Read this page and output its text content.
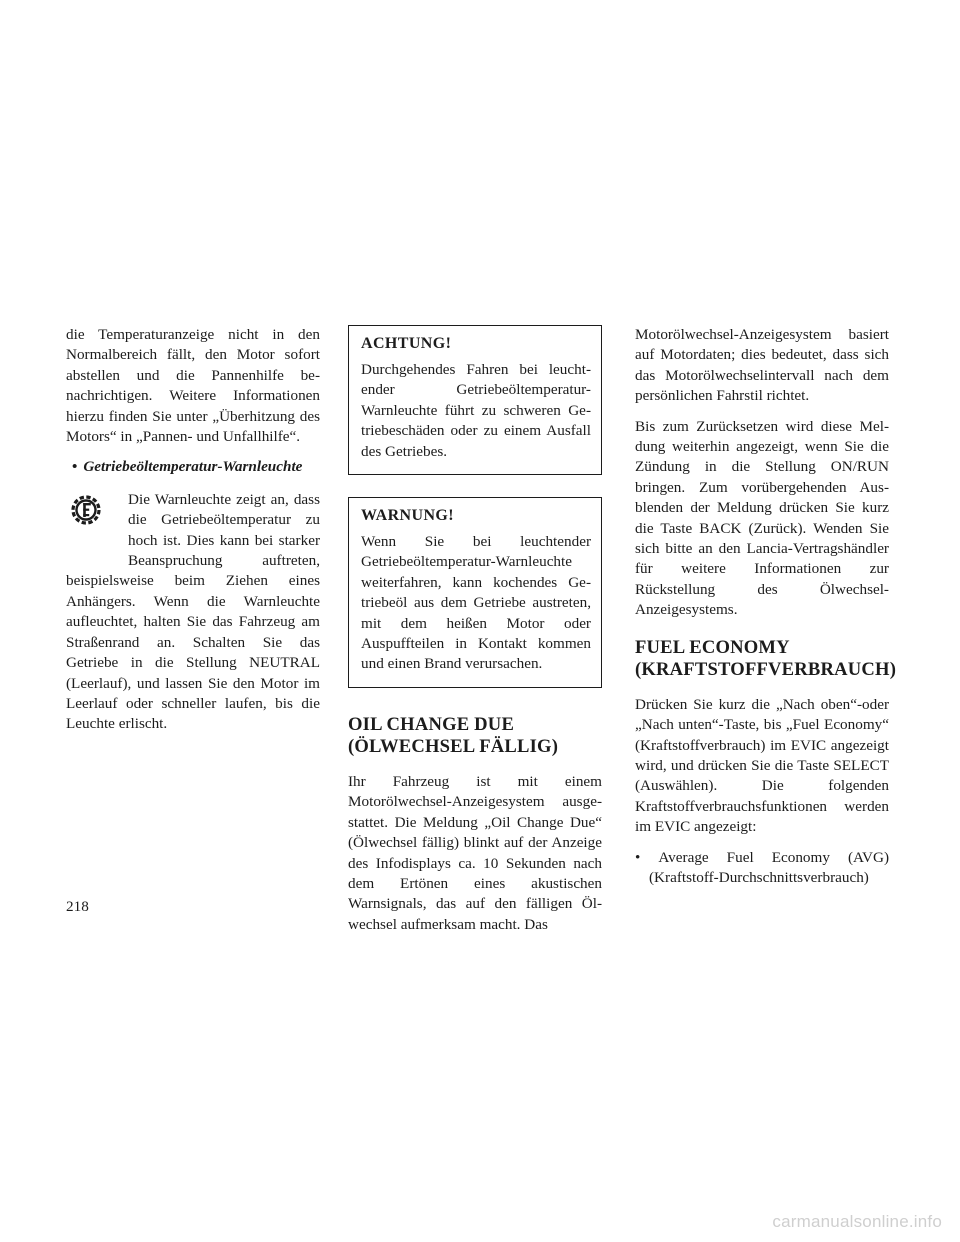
die Temperaturanzeige nicht in den Normalbereich fällt, den Motor sofort abstellen und die Pannenhilfe benachrichtigen. Weitere Informationen hierzu finden Sie unter „Überhitzung des Motors“ in „Pannen- und Unfallhilfe“.

• Getriebeöltemperatur-Warnleuchte

Die Warnleuchte zeigt an, dass die Getriebeöltemperatur zu hoch ist. Dies kann bei starker Beanspruchung auftreten, beispielsweise beim Ziehen eines Anhängers. Wenn die Warnleuchte aufleuchtet, halten Sie das Fahrzeug am Straßenrand an. Schalten Sie das Getriebe in die Stellung NEUTRAL (Leerlauf), und lassen Sie den Motor im Leerlauf oder schneller laufen, bis die Leuchte erlischt.

ACHTUNG!

Durchgehendes Fahren bei leuchtender Getriebeöltemperatur-Warnleuchte führt zu schweren Getriebeschäden oder zu einem Ausfall des Getriebes.

WARNUNG!

Wenn Sie bei leuchtender Getriebeöltemperatur-Warnleuchte weiterfahren, kann kochendes Getriebeöl aus dem Getriebe austreten, mit dem heißen Motor oder Auspuffteilen in Kontakt kommen und einen Brand verursachen.

OIL CHANGE DUE
(ÖLWECHSEL FÄLLIG)

Ihr Fahrzeug ist mit einem Motorölwechsel-Anzeigesystem ausgestattet. Die Meldung „Oil Change Due“ (Ölwechsel fällig) blinkt auf der Anzeige des Infodisplays ca. 10 Sekunden nach dem Ertönen eines akustischen Warnsignals, das auf den fälligen Ölwechsel aufmerksam macht. Das

Motorölwechsel-Anzeigesystem basiert auf Motordaten; dies bedeutet, dass sich das Motorölwechselintervall nach dem persönlichen Fahrstil richtet.

Bis zum Zurücksetzen wird diese Meldung weiterhin angezeigt, wenn Sie die Zündung in die Stellung ON/RUN bringen. Zum vorübergehenden Ausblenden der Meldung drücken Sie kurz die Taste BACK (Zurück). Wenden Sie sich bitte an den Lancia-Vertragshändler für weitere Informationen zur Rückstellung des Ölwechsel-Anzeigesystems.

FUEL ECONOMY
(KRAFTSTOFFVERBRAUCH)

Drücken Sie kurz die „Nach oben“-oder „Nach unten“-Taste, bis „Fuel Economy“ (Kraftstoffverbrauch) im EVIC angezeigt wird, und drücken Sie die Taste SELECT (Auswählen). Die folgenden Kraftstoffverbrauchsfunktionen werden im EVIC angezeigt:

• Average Fuel Economy (AVG)
(Kraftstoff-Durchschnittsverbrauch)
218
carmanualsonline.info
